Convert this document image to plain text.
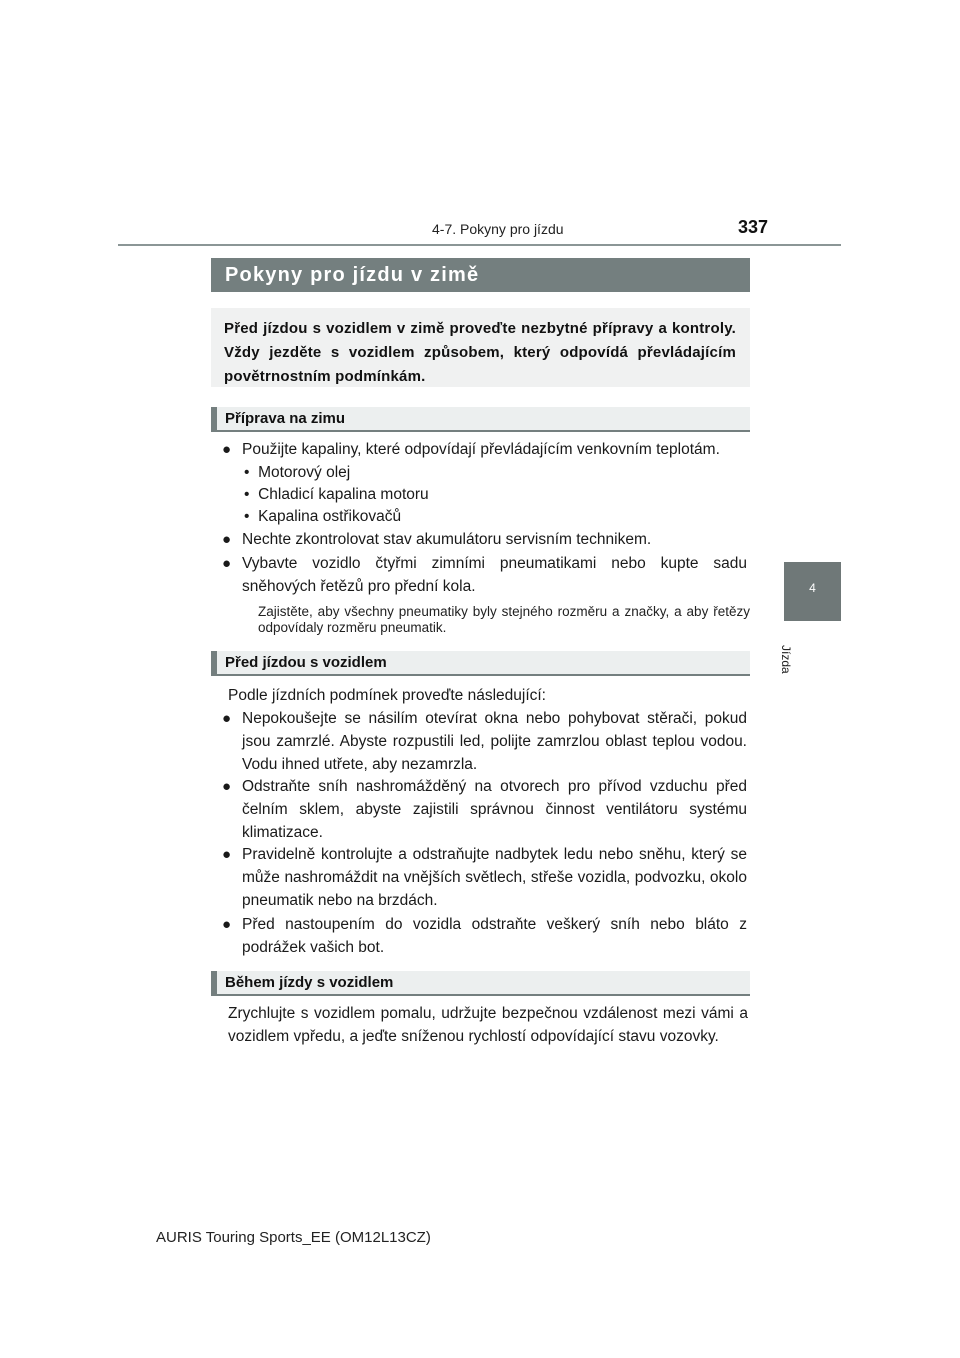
4-7. Pokyny pro jízdu	337
4
Jízda
Pokyny pro jízdu v zimě
Před jízdou s vozidlem v zimě proveďte nezbytné přípravy a kontroly. Vždy jezděte s vozidlem způsobem, který odpovídá převládajícím povětrnostním podmínkám.
Příprava na zimu
● Použijte kapaliny, které odpovídají převládajícím venkovním teplotám.
• Motorový olej
• Chladicí kapalina motoru
• Kapalina ostřikovačů
● Nechte zkontrolovat stav akumulátoru servisním technikem.
● Vybavte vozidlo čtyřmi zimními pneumatikami nebo kupte sadu sněhových řetězů pro přední kola.
Zajistěte, aby všechny pneumatiky byly stejného rozměru a značky, a aby řetězy odpovídaly rozměru pneumatik.
Před jízdou s vozidlem
Podle jízdních podmínek proveďte následující:
● Nepokoušejte se násilím otevírat okna nebo pohybovat stěrači, pokud jsou zamrzlé. Abyste rozpustili led, polijte zamrzlou oblast teplou vodou. Vodu ihned utřete, aby nezamrzla.
● Odstraňte sníh nashromážděný na otvorech pro přívod vzduchu před čelním sklem, abyste zajistili správnou činnost ventilátoru systému klimatizace.
● Pravidelně kontrolujte a odstraňujte nadbytek ledu nebo sněhu, který se může nashromáždit na vnějších světlech, střeše vozidla, podvozku, okolo pneumatik nebo na brzdách.
● Před nastoupením do vozidla odstraňte veškerý sníh nebo bláto z podrážek vašich bot.
Během jízdy s vozidlem
Zrychlujte s vozidlem pomalu, udržujte bezpečnou vzdálenost mezi vámi a vozidlem vpředu, a jeďte sníženou rychlostí odpovídající stavu vozovky.
AURIS Touring Sports_EE (OM12L13CZ)
